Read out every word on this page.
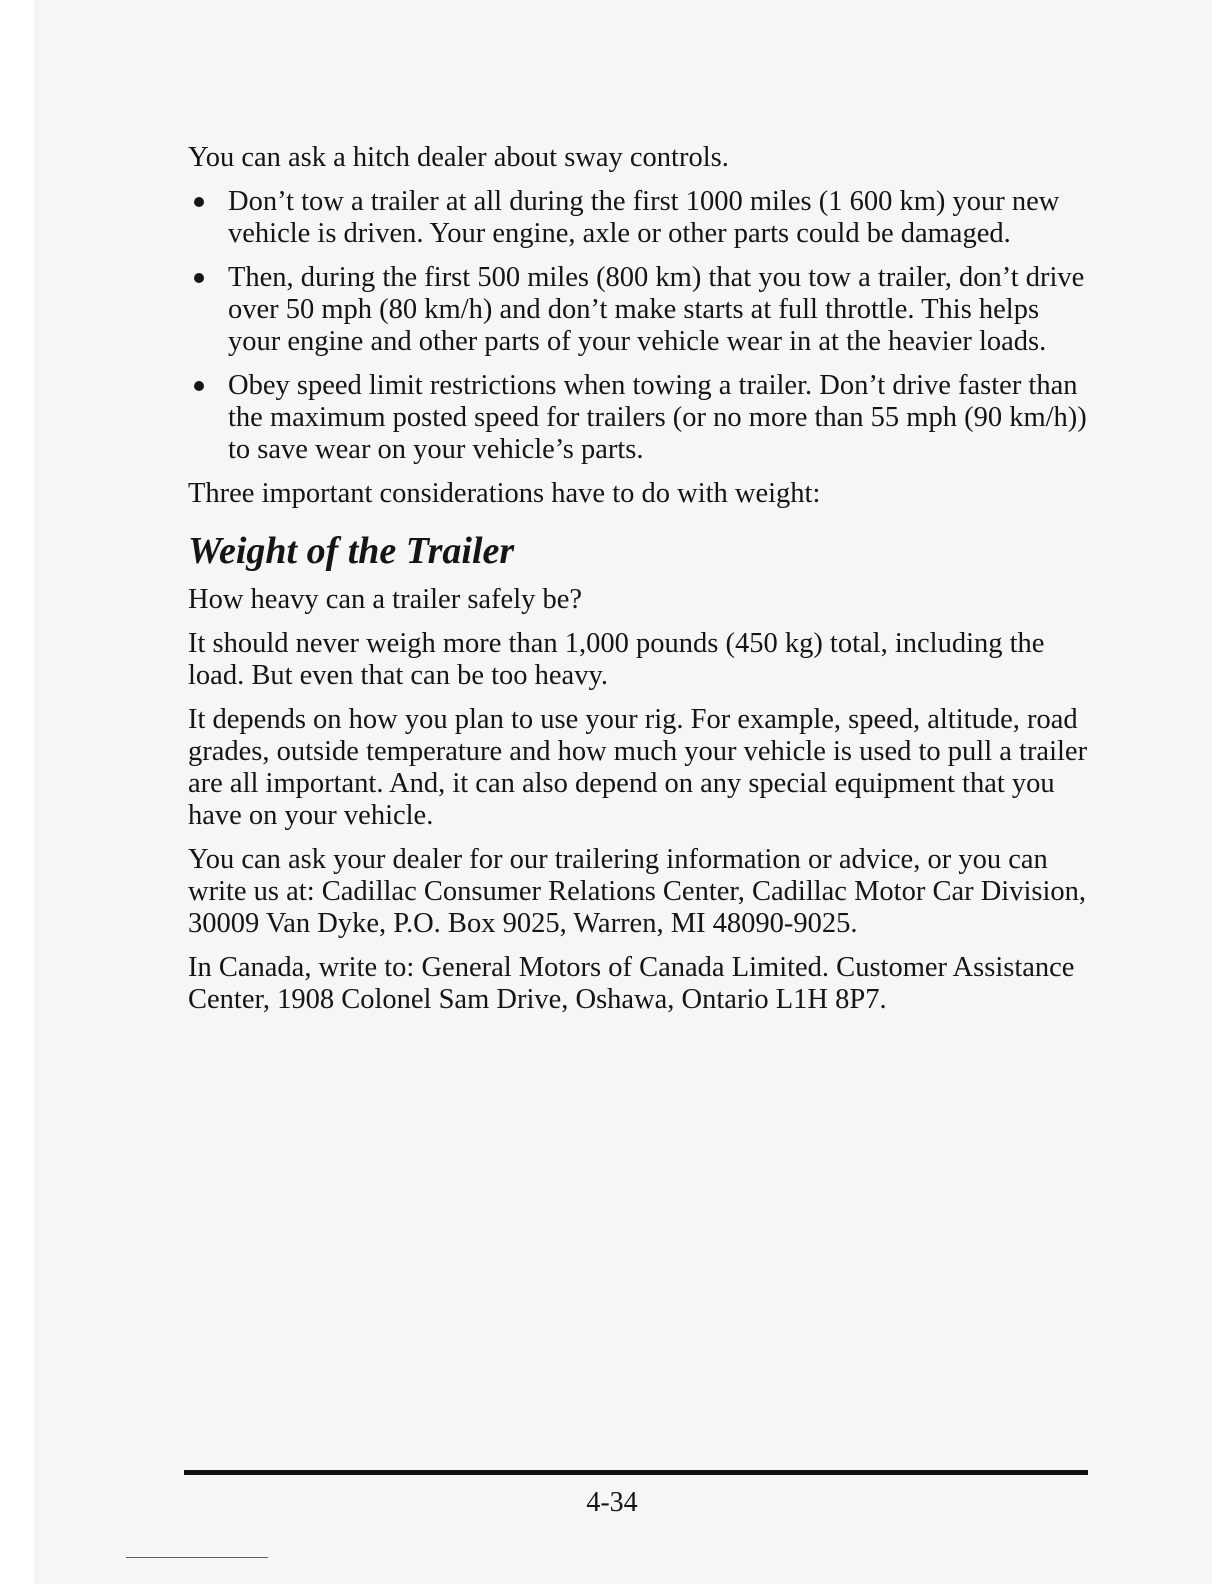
You can ask a hitch dealer about sway controls.

Don’t tow a trailer at all during the first 1000 miles (1 600 km) your new vehicle is driven. Your engine, axle or other parts could be damaged.
Then, during the first 500 miles (800 km) that you tow a trailer, don’t drive over 50 mph (80 km/h) and don’t make starts at full throttle. This helps your engine and other parts of your vehicle wear in at the heavier loads.
Obey speed limit restrictions when towing a trailer. Don’t drive faster than the maximum posted speed for trailers (or no more than 55 mph (90 km/h)) to save wear on your vehicle’s parts.

Three important considerations have to do with weight:

Weight of the Trailer

How heavy can a trailer safely be?

It should never weigh more than 1,000 pounds (450 kg) total, including the load. But even that can be too heavy.

It depends on how you plan to use your rig. For example, speed, altitude, road grades, outside temperature and how much your vehicle is used to pull a trailer are all important. And, it can also depend on any special equipment that you have on your vehicle.

You can ask your dealer for our trailering information or advice, or you can write us at: Cadillac Consumer Relations Center, Cadillac Motor Car Division, 30009 Van Dyke, P.O. Box 9025, Warren, MI 48090-9025.

In Canada, write to: General Motors of Canada Limited. Customer Assistance Center, 1908 Colonel Sam Drive, Oshawa, Ontario L1H 8P7.

4-34
